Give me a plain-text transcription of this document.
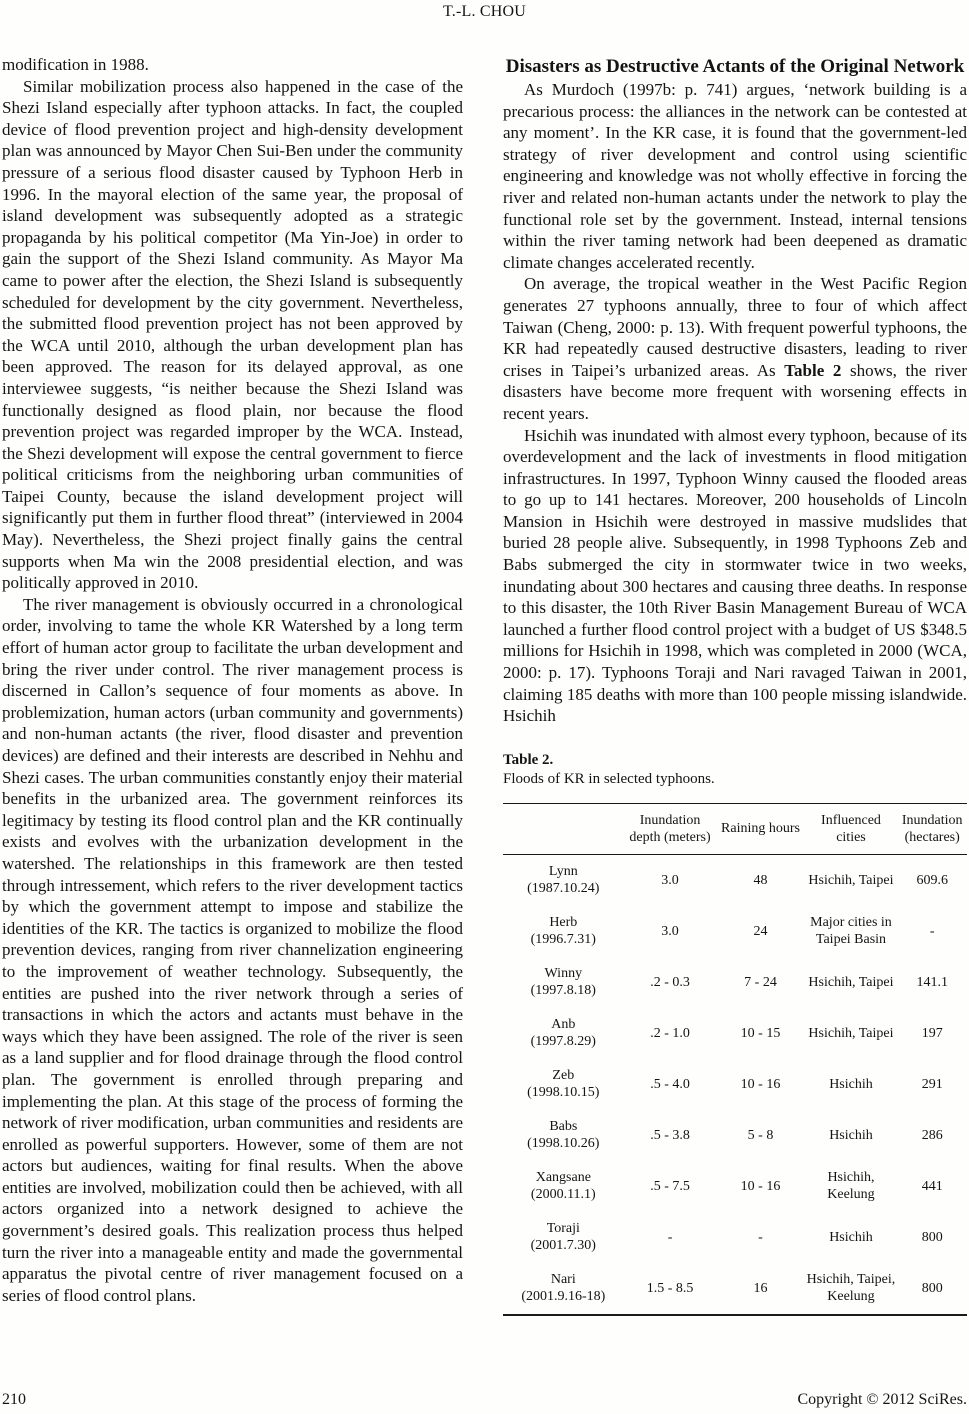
T.-L. CHOU

modification in 1988.

Similar mobilization process also happened in the case of the Shezi Island especially after typhoon attacks. In fact, the coupled device of flood prevention project and high-density development plan was announced by Mayor Chen Sui-Ben under the community pressure of a serious flood disaster caused by Typhoon Herb in 1996. In the mayoral election of the same year, the proposal of island development was subsequently adopted as a strategic propaganda by his political competitor (Ma Yin-Joe) in order to gain the support of the Shezi Island community. As Mayor Ma came to power after the election, the Shezi Island is subsequently scheduled for development by the city government. Nevertheless, the submitted flood prevention project has not been approved by the WCA until 2010, although the urban development plan has been approved. The reason for its delayed approval, as one interviewee suggests, “is neither because the Shezi Island was functionally designed as flood plain, nor because the flood prevention project was regarded improper by the WCA. Instead, the Shezi development will expose the central government to fierce political criticisms from the neighboring urban communities of Taipei County, because the island development project will significantly put them in further flood threat” (interviewed in 2004 May). Nevertheless, the Shezi project finally gains the central supports when Ma win the 2008 presidential election, and was politically approved in 2010.

The river management is obviously occurred in a chronological order, involving to tame the whole KR Watershed by a long term effort of human actor group to facilitate the urban development and bring the river under control. The river management process is discerned in Callon’s sequence of four moments as above. In problemization, human actors (urban community and governments) and non-human actants (the river, flood disaster and prevention devices) are defined and their interests are described in Nehhu and Shezi cases. The urban communities constantly enjoy their material benefits in the urbanized area. The government reinforces its legitimacy by testing its flood control plan and the KR continually exists and evolves with the urbanization development in the watershed. The relationships in this framework are then tested through intressement, which refers to the river development tactics by which the government attempt to impose and stabilize the identities of the KR. The tactics is organized to mobilize the flood prevention devices, ranging from river channelization engineering to the improvement of weather technology. Subsequently, the entities are pushed into the river network through a series of transactions in which the actors and actants must behave in the ways which they have been assigned. The role of the river is seen as a land supplier and for flood drainage through the flood control plan. The government is enrolled through preparing and implementing the plan. At this stage of the process of forming the network of river modification, urban communities and residents are enrolled as powerful supporters. However, some of them are not actors but audiences, waiting for final results. When the above entities are involved, mobilization could then be achieved, with all actors organized into a network designed to achieve the government’s desired goals. This realization process thus helped turn the river into a manageable entity and made the governmental apparatus the pivotal centre of river management focused on a series of flood control plans.

Disasters as Destructive Actants of the Original Network

As Murdoch (1997b: p. 741) argues, ‘network building is a precarious process: the alliances in the network can be contested at any moment’. In the KR case, it is found that the government-led strategy of river development and control using scientific engineering and knowledge was not wholly effective in forcing the river and related non-human actants under the network to play the functional role set by the government. Instead, internal tensions within the river taming network had been deepened as dramatic climate changes accelerated recently.

On average, the tropical weather in the West Pacific Region generates 27 typhoons annually, three to four of which affect Taiwan (Cheng, 2000: p. 13). With frequent powerful typhoons, the KR had repeatedly caused destructive disasters, leading to river crises in Taipei’s urbanized areas. As Table 2 shows, the river disasters have become more frequent with worsening effects in recent years.

Hsichih was inundated with almost every typhoon, because of its overdevelopment and the lack of investments in flood mitigation infrastructures. In 1997, Typhoon Winny caused the flooded areas to go up to 141 hectares. Moreover, 200 households of Lincoln Mansion in Hsichih were destroyed in massive mudslides that buried 28 people alive. Subsequently, in 1998 Typhoons Zeb and Babs submerged the city in stormwater twice in two weeks, inundating about 300 hectares and causing three deaths. In response to this disaster, the 10th River Basin Management Bureau of WCA launched a further flood control project with a budget of US $348.5 millions for Hsichih in 1998, which was completed in 2000 (WCA, 2000: p. 17). Typhoons Toraji and Nari ravaged Taiwan in 2001, claiming 185 deaths with more than 100 people missing islandwide. Hsichih

Table 2.
Floods of KR in selected typhoons.
	Inundation depth (meters)	Raining hours	Influenced cities	Inundation (hectares)

Lynn
(1987.10.24)	3.0	48	Hsichih, Taipei	609.6

Herb
(1996.7.31)	3.0	24	Major cities in Taipei Basin	-

Winny
(1997.8.18)	.2 - 0.3	7 - 24	Hsichih, Taipei	141.1

Anb
(1997.8.29)	.2 - 1.0	10 - 15	Hsichih, Taipei	197

Zeb
(1998.10.15)	.5 - 4.0	10 - 16	Hsichih	291

Babs
(1998.10.26)	.5 - 3.8	5 - 8	Hsichih	286

Xangsane
(2000.11.1)	.5 - 7.5	10 - 16	Hsichih, Keelung	441

Toraji
(2001.7.30)	-	-	Hsichih	800

Nari
(2001.9.16-18)	1.5 - 8.5	16	Hsichih, Taipei, Keelung	800
210	Copyright © 2012 SciRes.
